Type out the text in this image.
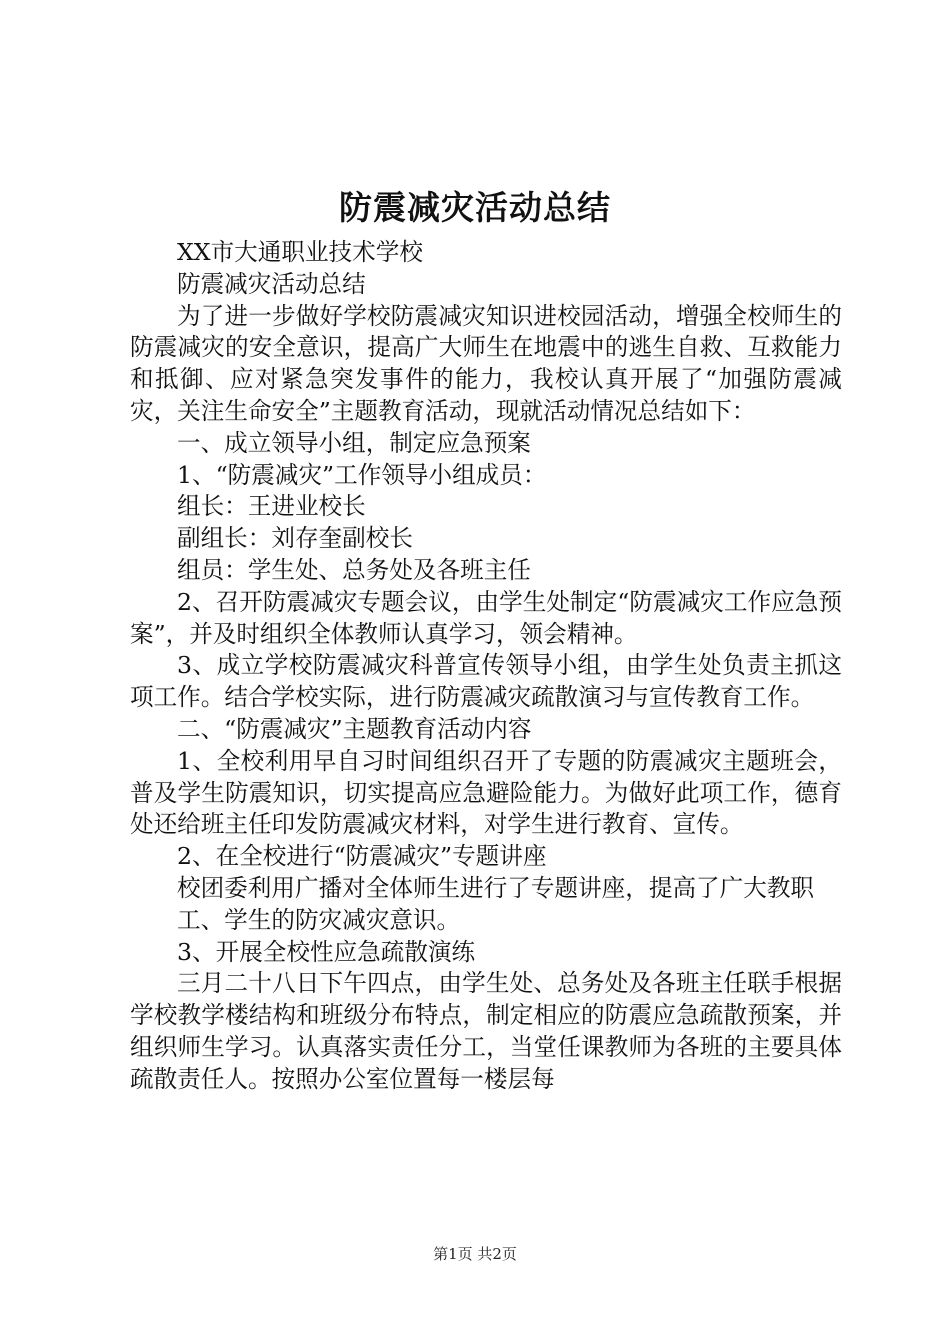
防震减灾活动总结

XX市大通职业技术学校

防震减灾活动总结

为了进一步做好学校防震减灾知识进校园活动，增强全校师生的防震减灾的安全意识，提高广大师生在地震中的逃生自救、互救能力和抵御、应对紧急突发事件的能力，我校认真开展了“加强防震减灾，关注生命安全”主题教育活动，现就活动情况总结如下：

一、成立领导小组，制定应急预案

1、“防震减灾”工作领导小组成员：

组长：王进业校长

副组长：刘存奎副校长

组员：学生处、总务处及各班主任

2、召开防震减灾专题会议，由学生处制定“防震减灾工作应急预案”，并及时组织全体教师认真学习，领会精神。

3、成立学校防震减灾科普宣传领导小组，由学生处负责主抓这项工作。结合学校实际，进行防震减灾疏散演习与宣传教育工作。

二、“防震减灾”主题教育活动内容

1、全校利用早自习时间组织召开了专题的防震减灾主题班会，普及学生防震知识，切实提高应急避险能力。为做好此项工作，德育处还给班主任印发防震减灾材料，对学生进行教育、宣传。

2、在全校进行“防震减灾”专题讲座

校团委利用广播对全体师生进行了专题讲座，提高了广大教职

工、学生的防灾减灾意识。

3、开展全校性应急疏散演练

三月二十八日下午四点，由学生处、总务处及各班主任联手根据学校教学楼结构和班级分布特点，制定相应的防震应急疏散预案，并组织师生学习。认真落实责任分工，当堂任课教师为各班的主要具体疏散责任人。按照办公室位置每一楼层每

第1页 共2页
